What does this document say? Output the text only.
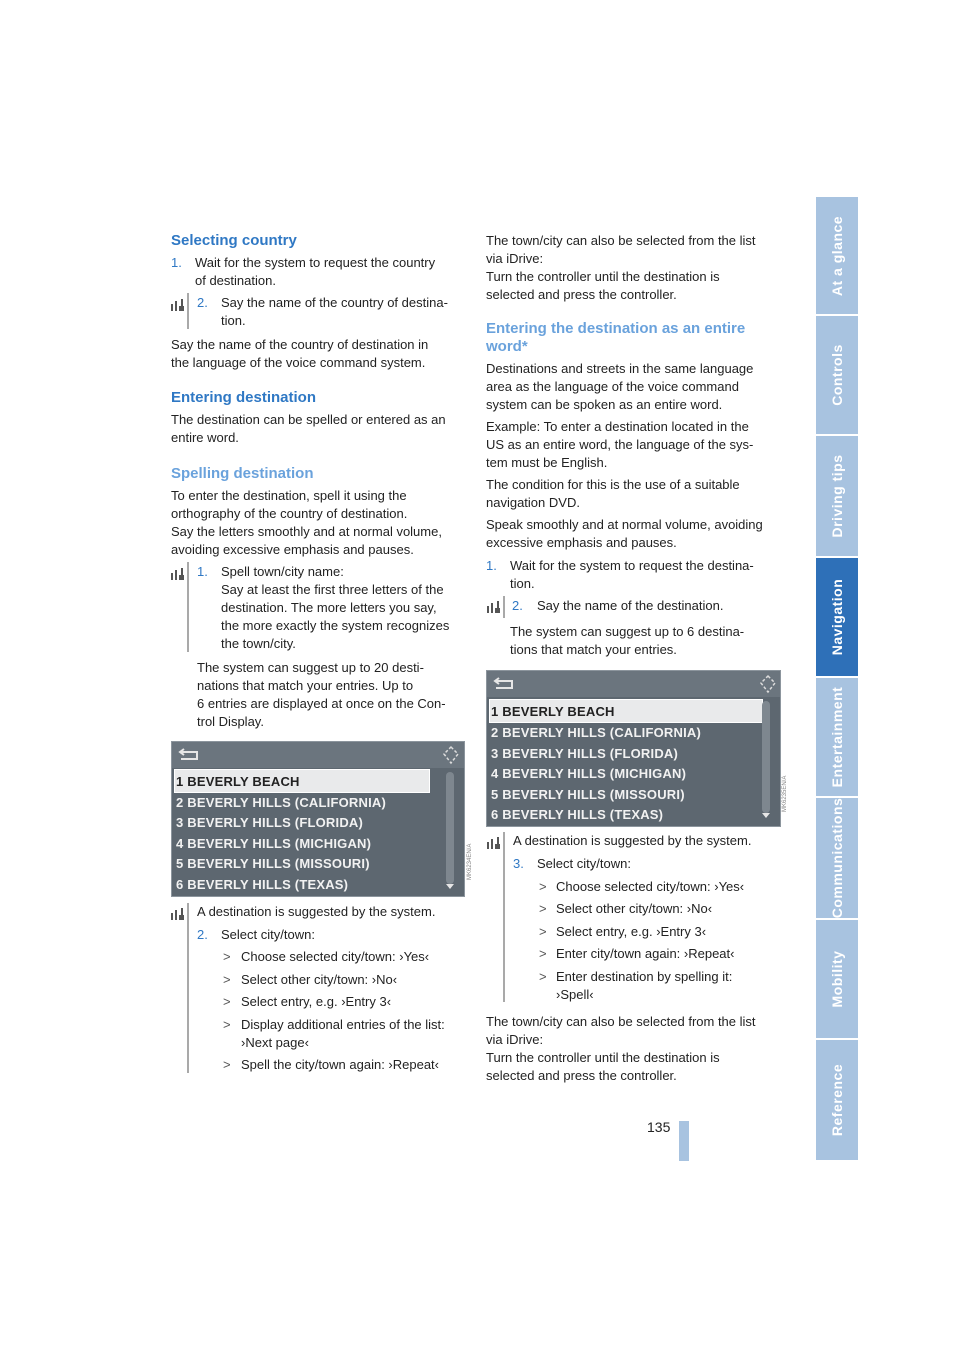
At a glance
Controls
Driving tips
Navigation
Entertainment
Communications
Mobility
Reference
Selecting country
1. Wait for the system to request the country
of destination.
2. Say the name of the country of destina-
tion.
Say the name of the country of destination in
the language of the voice command system.
Entering destination
The destination can be spelled or entered as an
entire word.
Spelling destination
To enter the destination, spell it using the
orthography of the country of destination.
Say the letters smoothly and at normal volume,
avoiding excessive emphasis and pauses.
1. Spell town/city name:
Say at least the first three letters of the
destination. The more letters you say,
the more exactly the system recognizes
the town/city.
The system can suggest up to 20 desti-
nations that match your entries. Up to
6 entries are displayed at once on the Con-
trol Display.
1 BEVERLY BEACH
2 BEVERLY HILLS (CALIFORNIA)
3 BEVERLY HILLS (FLORIDA)
4 BEVERLY HILLS (MICHIGAN)
5 BEVERLY HILLS (MISSOURI)
6 BEVERLY HILLS (TEXAS)
MK6234EN/A
A destination is suggested by the system.
2. Select city/town:
> Choose selected city/town: ›Yes‹
> Select other city/town: ›No‹
> Select entry, e.g. ›Entry 3‹
> Display additional entries of the list:
›Next page‹
> Spell the city/town again: ›Repeat‹
The town/city can also be selected from the list
via iDrive:
Turn the controller until the destination is
selected and press the controller.
Entering the destination as an entire
word*
Destinations and streets in the same language
area as the language of the voice command
system can be spoken as an entire word.
Example: To enter a destination located in the
US as an entire word, the language of the sys-
tem must be English.
The condition for this is the use of a suitable
navigation DVD.
Speak smoothly and at normal volume, avoiding
excessive emphasis and pauses.
1. Wait for the system to request the destina-
tion.
2. Say the name of the destination.
The system can suggest up to 6 destina-
tions that match your entries.
1 BEVERLY BEACH
2 BEVERLY HILLS (CALIFORNIA)
3 BEVERLY HILLS (FLORIDA)
4 BEVERLY HILLS (MICHIGAN)
5 BEVERLY HILLS (MISSOURI)
6 BEVERLY HILLS (TEXAS)
MK6235EN/A
A destination is suggested by the system.
3. Select city/town:
> Choose selected city/town: ›Yes‹
> Select other city/town: ›No‹
> Select entry, e.g. ›Entry 3‹
> Enter city/town again: ›Repeat‹
> Enter destination by spelling it:
›Spell‹
The town/city can also be selected from the list
via iDrive:
Turn the controller until the destination is
selected and press the controller.
135
